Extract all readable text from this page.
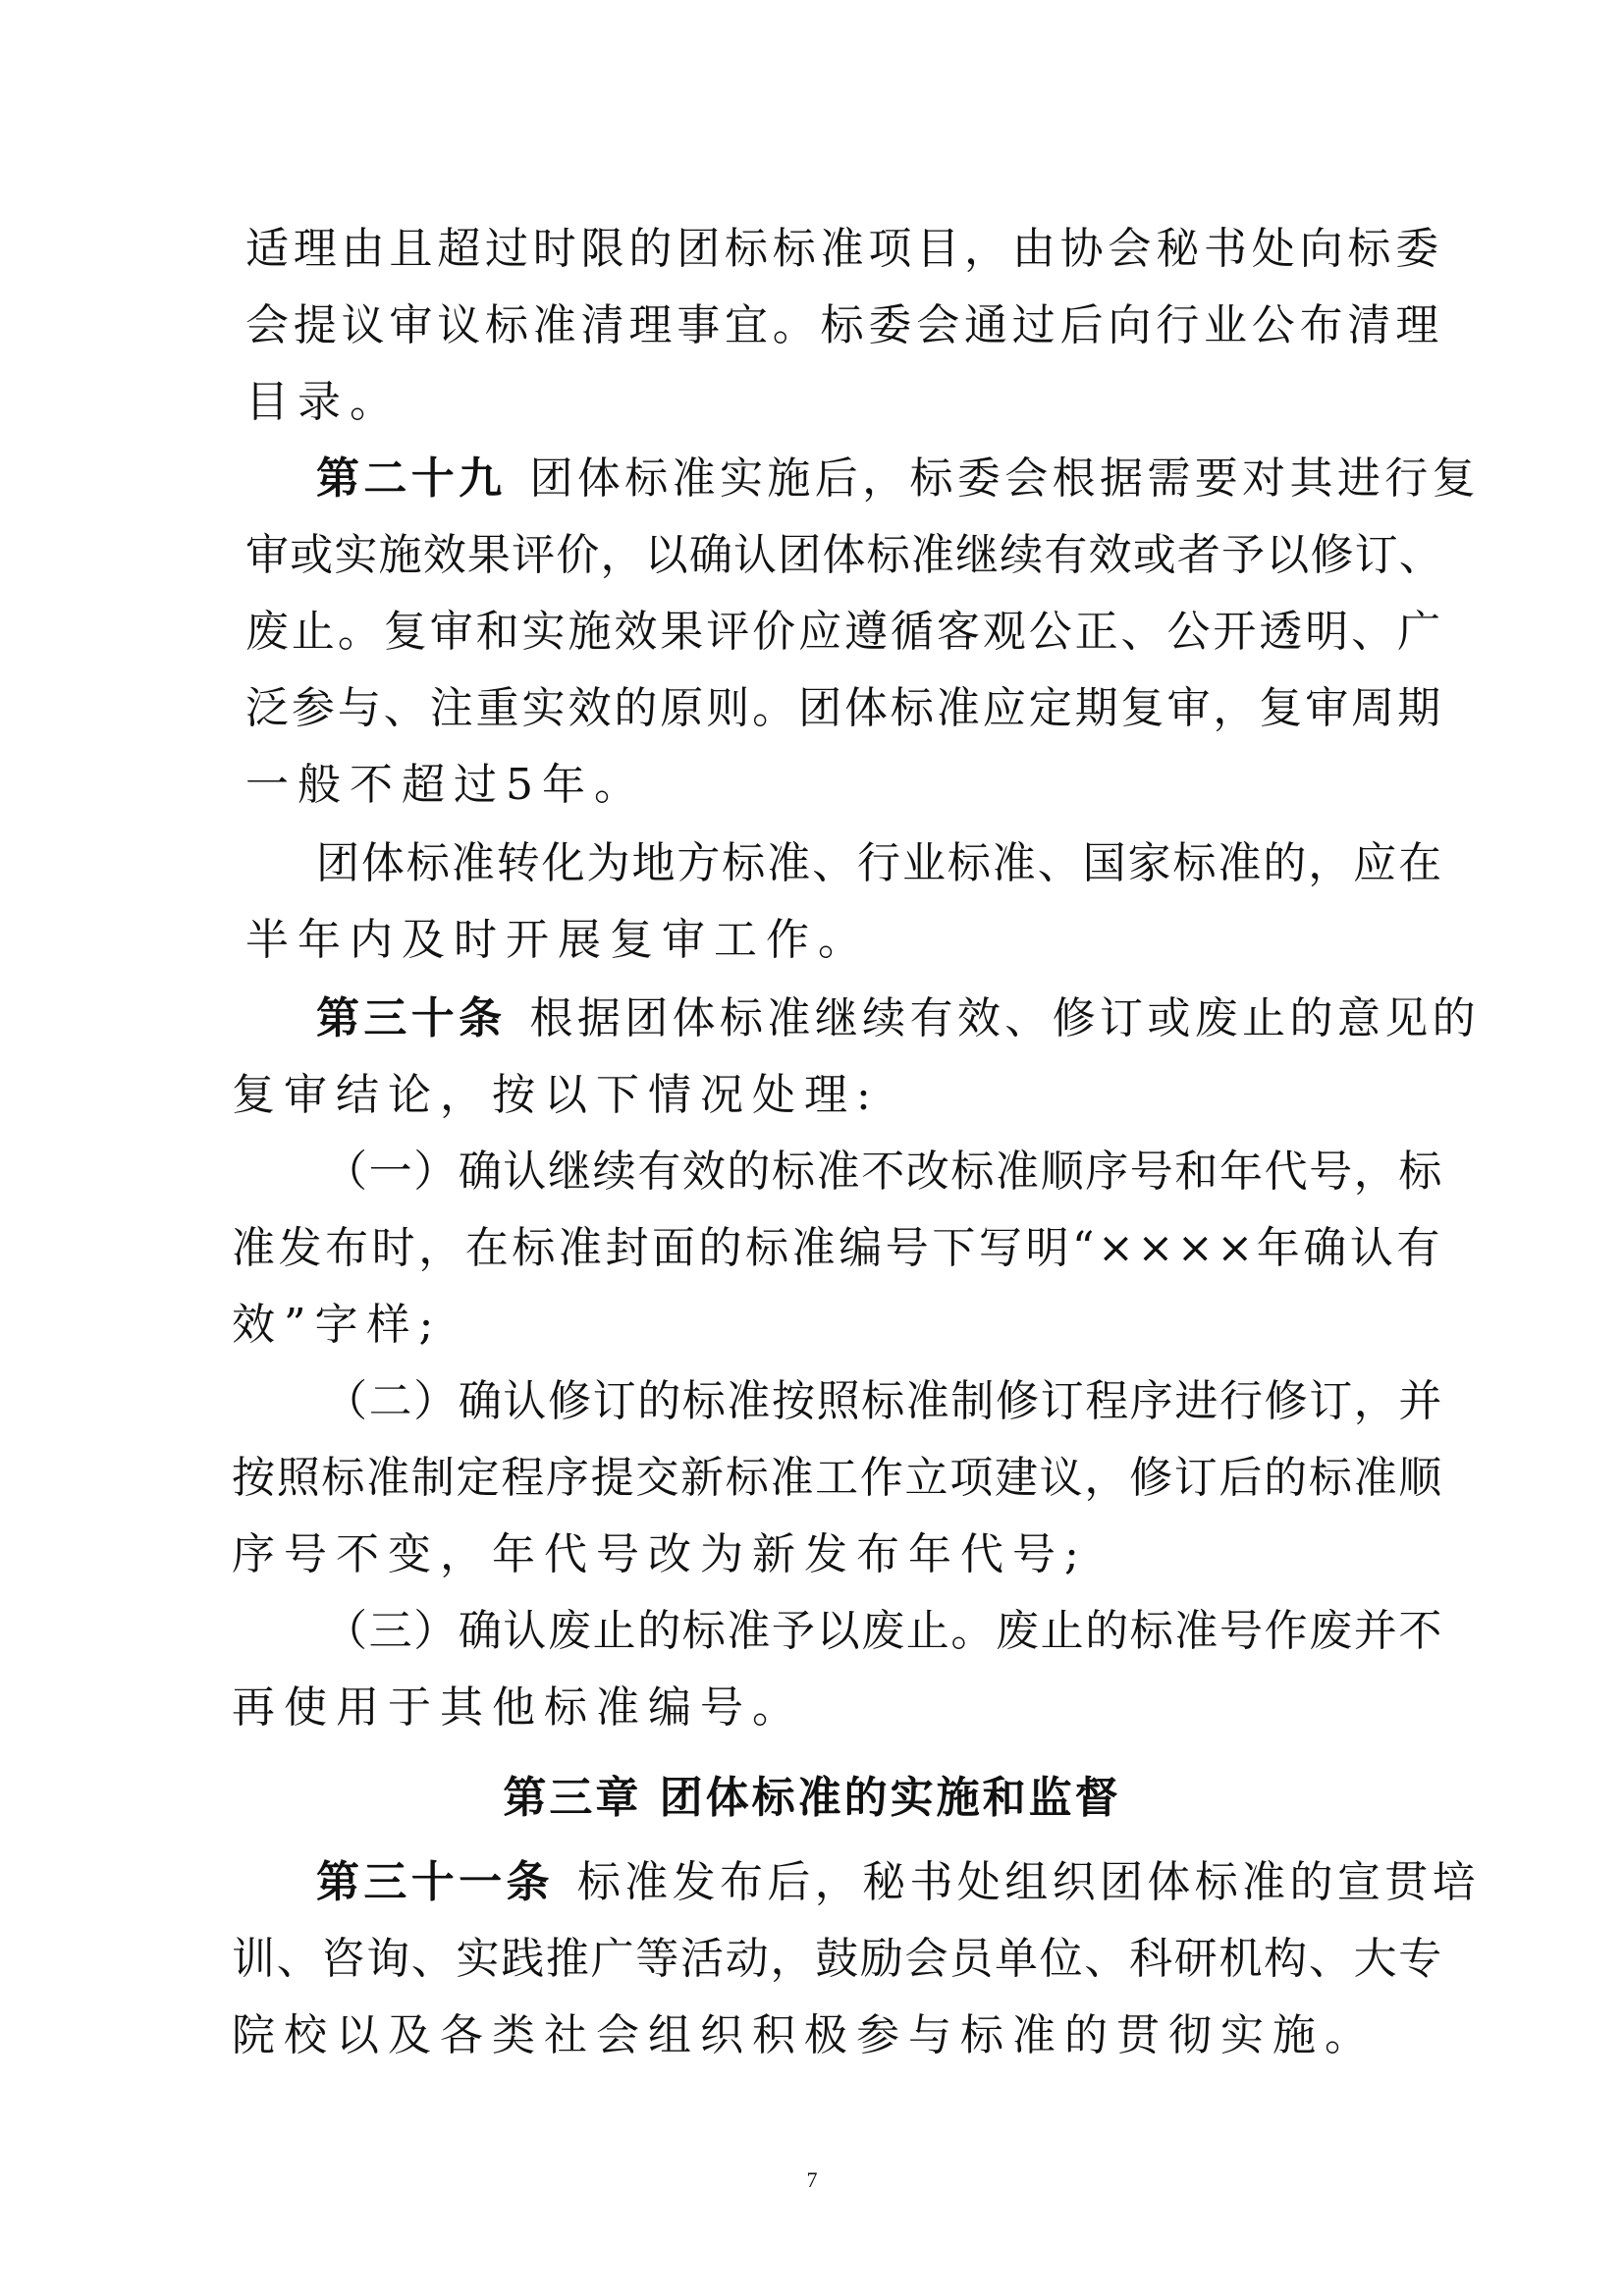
适理由且超过时限的团标标准项目，由协会秘书处向标委
会提议审议标准清理事宜。标委会通过后向行业公布清理
目录。
第二十九 团体标准实施后，标委会根据需要对其进行复
审或实施效果评价，以确认团体标准继续有效或者予以修订、
废止。复审和实施效果评价应遵循客观公正、公开透明、广
泛参与、注重实效的原则。团体标准应定期复审，复审周期
一般不超过5年。
团体标准转化为地方标准、行业标准、国家标准的，应在
半年内及时开展复审工作。
第三十条 根据团体标准继续有效、修订或废止的意见的
复审结论，按以下情况处理:
（一）确认继续有效的标准不改标准顺序号和年代号，标
准发布时，在标准封面的标准编号下写明“××××年确认有
效”字样;
（二）确认修订的标准按照标准制修订程序进行修订，并
按照标准制定程序提交新标准工作立项建议，修订后的标准顺
序号不变，年代号改为新发布年代号;
（三）确认废止的标准予以废止。废止的标准号作废并不
再使用于其他标准编号。
第三章 团体标准的实施和监督
第三十一条 标准发布后，秘书处组织团体标准的宣贯培
训、咨询、实践推广等活动，鼓励会员单位、科研机构、大专
院校以及各类社会组织积极参与标准的贯彻实施。
7
